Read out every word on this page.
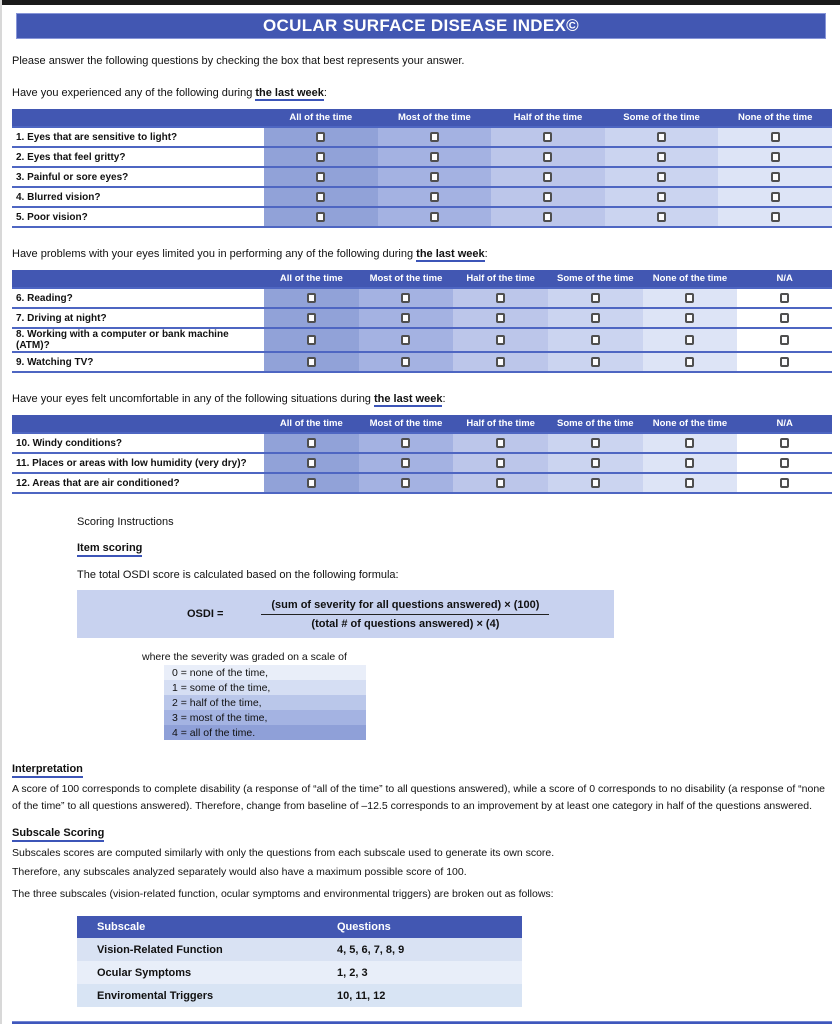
OCULAR SURFACE DISEASE INDEX©

Please answer the following questions by checking the box that best represents your answer.

Have you experienced any of the following during the last week:

	All of the time	Most of the time	Half of the time	Some of the time	None of the time
1. Eyes that are sensitive to light?					
2. Eyes that feel gritty?					
3. Painful or sore eyes?					
4. Blurred vision?					
5. Poor vision?					

Have problems with your eyes limited you in performing any of the following during the last week:

	All of the time	Most of the time	Half of the time	Some of the time	None of the time	N/A
6. Reading?						
7. Driving at night?						
8. Working with a computer or bank machine (ATM)?						
9. Watching TV?						

Have your eyes felt uncomfortable in any of the following situations during the last week:

	All of the time	Most of the time	Half of the time	Some of the time	None of the time	N/A
10. Windy conditions?						
11. Places or areas with low humidity (very dry)?						
12. Areas that are air conditioned?						
Scoring Instructions
Item scoring
The total OSDI score is calculated based on the following formula:
OSDI =	$\frac{\text{(sum of severity for all questions answered) × (100)}}{\text{(total \# of questions answered) × (4)}}$
where the severity was graded on a scale of
0 = none of the time,
1 = some of the time,
2 = half of the time,
3 = most of the time,
4 = all of the time.
Interpretation
A score of 100 corresponds to complete disability (a response of “all of the time” to all questions answered), while a score of 0 corresponds to no disability (a response of “none of the time” to all questions answered). Therefore, change from baseline of –12.5 corresponds to an improvement by at least one category in half of the questions answered.
Subscale Scoring
Subscales scores are computed similarly with only the questions from each subscale used to generate its own score.
Therefore, any subscales analyzed separately would also have a maximum possible score of 100.
The three subscales (vision-related function, ocular symptoms and environmental triggers) are broken out as follows:
Subscale	Questions
Vision-Related Function	4, 5, 6, 7, 8, 9
Ocular Symptoms	1, 2, 3
Enviromental Triggers	10, 11, 12
